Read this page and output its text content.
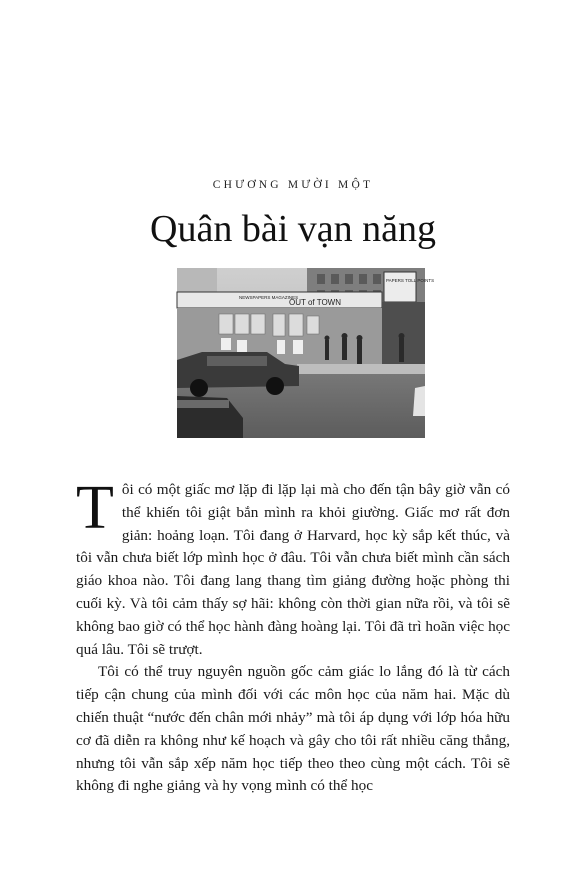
CHƯƠNG MƯỜI MỘT
Quân bài vạn năng
NEWSPAPERS MAGAZINES
OUT of TOWN
PAPERS TOLL POINTS

Tôi có một giấc mơ lặp đi lặp lại mà cho đến tận bây giờ vẫn có thể khiến tôi giật bắn mình ra khỏi giường. Giấc mơ rất đơn giản: hoảng loạn. Tôi đang ở Harvard, học kỳ sắp kết thúc, và tôi vẫn chưa biết lớp mình học ở đâu. Tôi vẫn chưa biết mình cần sách giáo khoa nào. Tôi đang lang thang tìm giảng đường hoặc phòng thi cuối kỳ. Và tôi cảm thấy sợ hãi: không còn thời gian nữa rồi, và tôi sẽ không bao giờ có thể học hành đàng hoàng lại. Tôi đã trì hoãn việc học quá lâu. Tôi sẽ trượt.

Tôi có thể truy nguyên nguồn gốc cảm giác lo lắng đó là từ cách tiếp cận chung của mình đối với các môn học của năm hai. Mặc dù chiến thuật “nước đến chân mới nhảy” mà tôi áp dụng với lớp hóa hữu cơ đã diễn ra không như kế hoạch và gây cho tôi rất nhiều căng thẳng, nhưng tôi vẫn sắp xếp năm học tiếp theo theo cùng một cách. Tôi sẽ không đi nghe giảng và hy vọng mình có thể học
